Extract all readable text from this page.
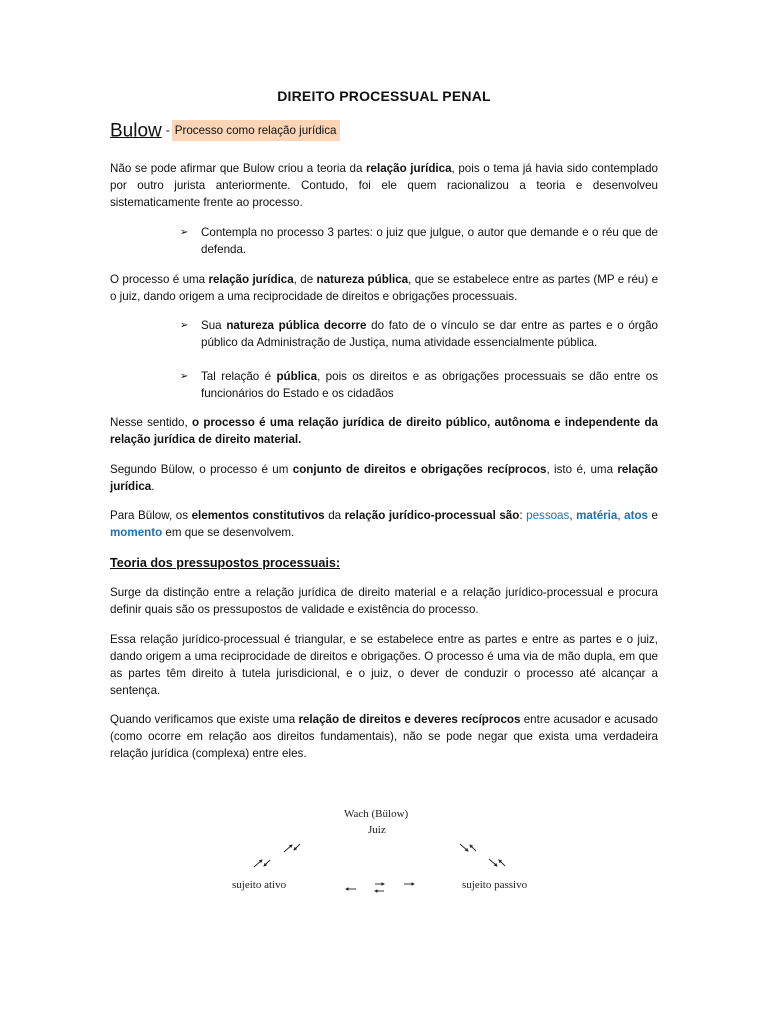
DIREITO PROCESSUAL PENAL
Bulow - Processo como relação jurídica

Não se pode afirmar que Bulow criou a teoria da relação jurídica, pois o tema já havia sido contemplado por outro jurista anteriormente. Contudo, foi ele quem racionalizou a teoria e desenvolveu sistematicamente frente ao processo.

➢ Contempla no processo 3 partes: o juiz que julgue, o autor que demande e o réu que de defenda.

O processo é uma relação jurídica, de natureza pública, que se estabelece entre as partes (MP e réu) e o juiz, dando origem a uma reciprocidade de direitos e obrigações processuais.

➢ Sua natureza pública decorre do fato de o vínculo se dar entre as partes e o órgão público da Administração de Justiça, numa atividade essencialmente pública.

➢ Tal relação é pública, pois os direitos e as obrigações processuais se dão entre os funcionários do Estado e os cidadãos

Nesse sentido, o processo é uma relação jurídica de direito público, autônoma e independente da relação jurídica de direito material.

Segundo Bülow, o processo é um conjunto de direitos e obrigações recíprocos, isto é, uma relação jurídica.

Para Bülow, os elementos constitutivos da relação jurídico-processual são: pessoas, matéria, atos e momento em que se desenvolvem.

Teoria dos pressupostos processuais:

Surge da distinção entre a relação jurídica de direito material e a relação jurídico-processual e procura definir quais são os pressupostos de validade e existência do processo.

Essa relação jurídico-processual é triangular, e se estabelece entre as partes e entre as partes e o juiz, dando origem a uma reciprocidade de direitos e obrigações. O processo é uma via de mão dupla, em que as partes têm direito à tutela jurisdicional, e o juiz, o dever de conduzir o processo até alcançar a sentença.

Quando verificamos que existe uma relação de direitos e deveres recíprocos entre acusador e acusado (como ocorre em relação aos direitos fundamentais), não se pode negar que exista uma verdadeira relação jurídica (complexa) entre eles.

Wach (Bülow)
Juiz
sujeito ativo	sujeito passivo
